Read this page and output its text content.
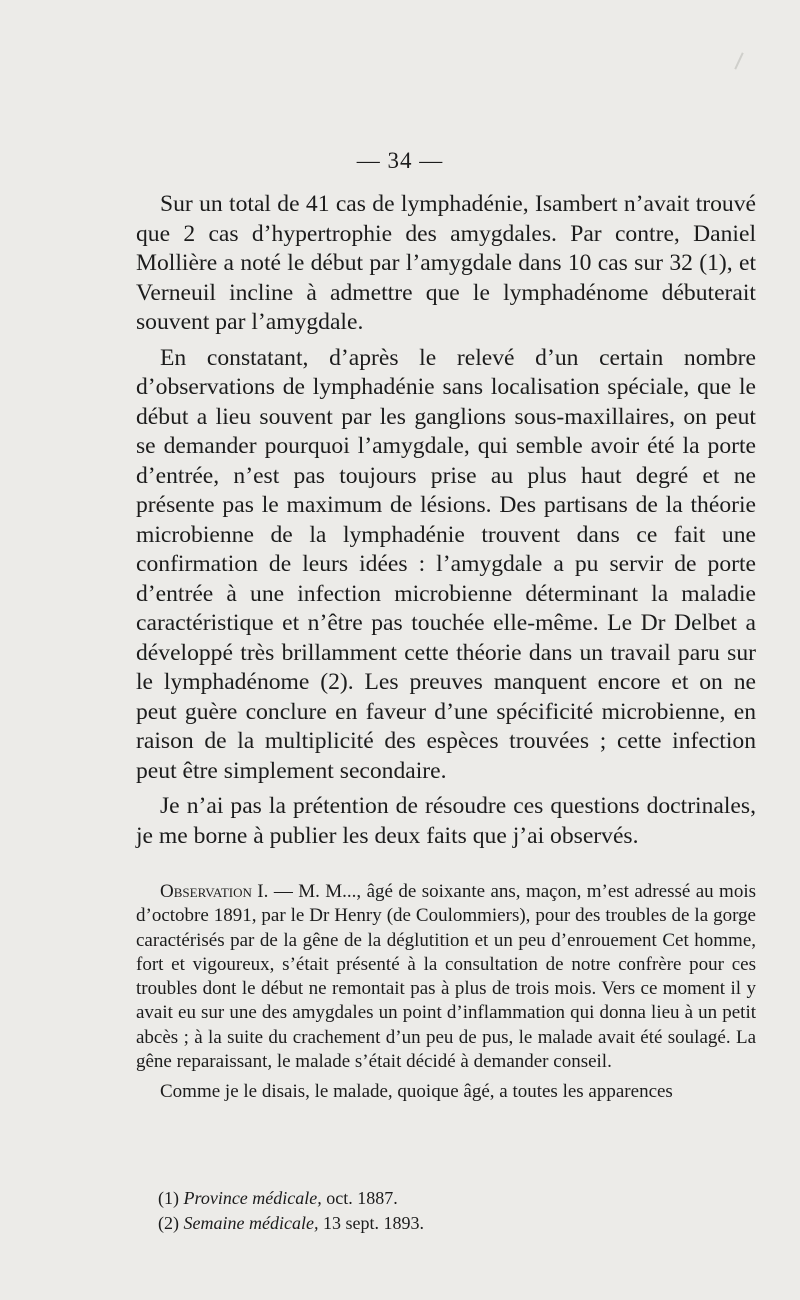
— 34 —

Sur un total de 41 cas de lymphadénie, Isambert n’avait trouvé que 2 cas d’hypertrophie des amygdales. Par contre, Daniel Mollière a noté le début par l’amygdale dans 10 cas sur 32 (1), et Verneuil incline à admettre que le lymphadénome débuterait souvent par l’amygdale.

En constatant, d’après le relevé d’un certain nombre d’observations de lymphadénie sans localisation spéciale, que le début a lieu souvent par les ganglions sous-maxillaires, on peut se demander pourquoi l’amygdale, qui semble avoir été la porte d’entrée, n’est pas toujours prise au plus haut degré et ne présente pas le maximum de lésions. Des partisans de la théorie microbienne de la lymphadénie trouvent dans ce fait une confirmation de leurs idées : l’amygdale a pu servir de porte d’entrée à une infection microbienne déterminant la maladie caractéristique et n’être pas touchée elle-même. Le Dr Delbet a développé très brillamment cette théorie dans un travail paru sur le lymphadénome (2). Les preuves manquent encore et on ne peut guère conclure en faveur d’une spécificité microbienne, en raison de la multiplicité des espèces trouvées ; cette infection peut être simplement secondaire.

Je n’ai pas la prétention de résoudre ces questions doctrinales, je me borne à publier les deux faits que j’ai observés.

Observation I. — M. M..., âgé de soixante ans, maçon, m’est adressé au mois d’octobre 1891, par le Dr Henry (de Coulommiers), pour des troubles de la gorge caractérisés par de la gêne de la déglutition et un peu d’enrouement Cet homme, fort et vigoureux, s’était présenté à la consultation de notre confrère pour ces troubles dont le début ne remontait pas à plus de trois mois. Vers ce moment il y avait eu sur une des amygdales un point d’inflammation qui donna lieu à un petit abcès ; à la suite du crachement d’un peu de pus, le malade avait été soulagé. La gêne reparaissant, le malade s’était décidé à demander conseil.

Comme je le disais, le malade, quoique âgé, a toutes les apparences

(1) Province médicale, oct. 1887.
(2) Semaine médicale, 13 sept. 1893.
